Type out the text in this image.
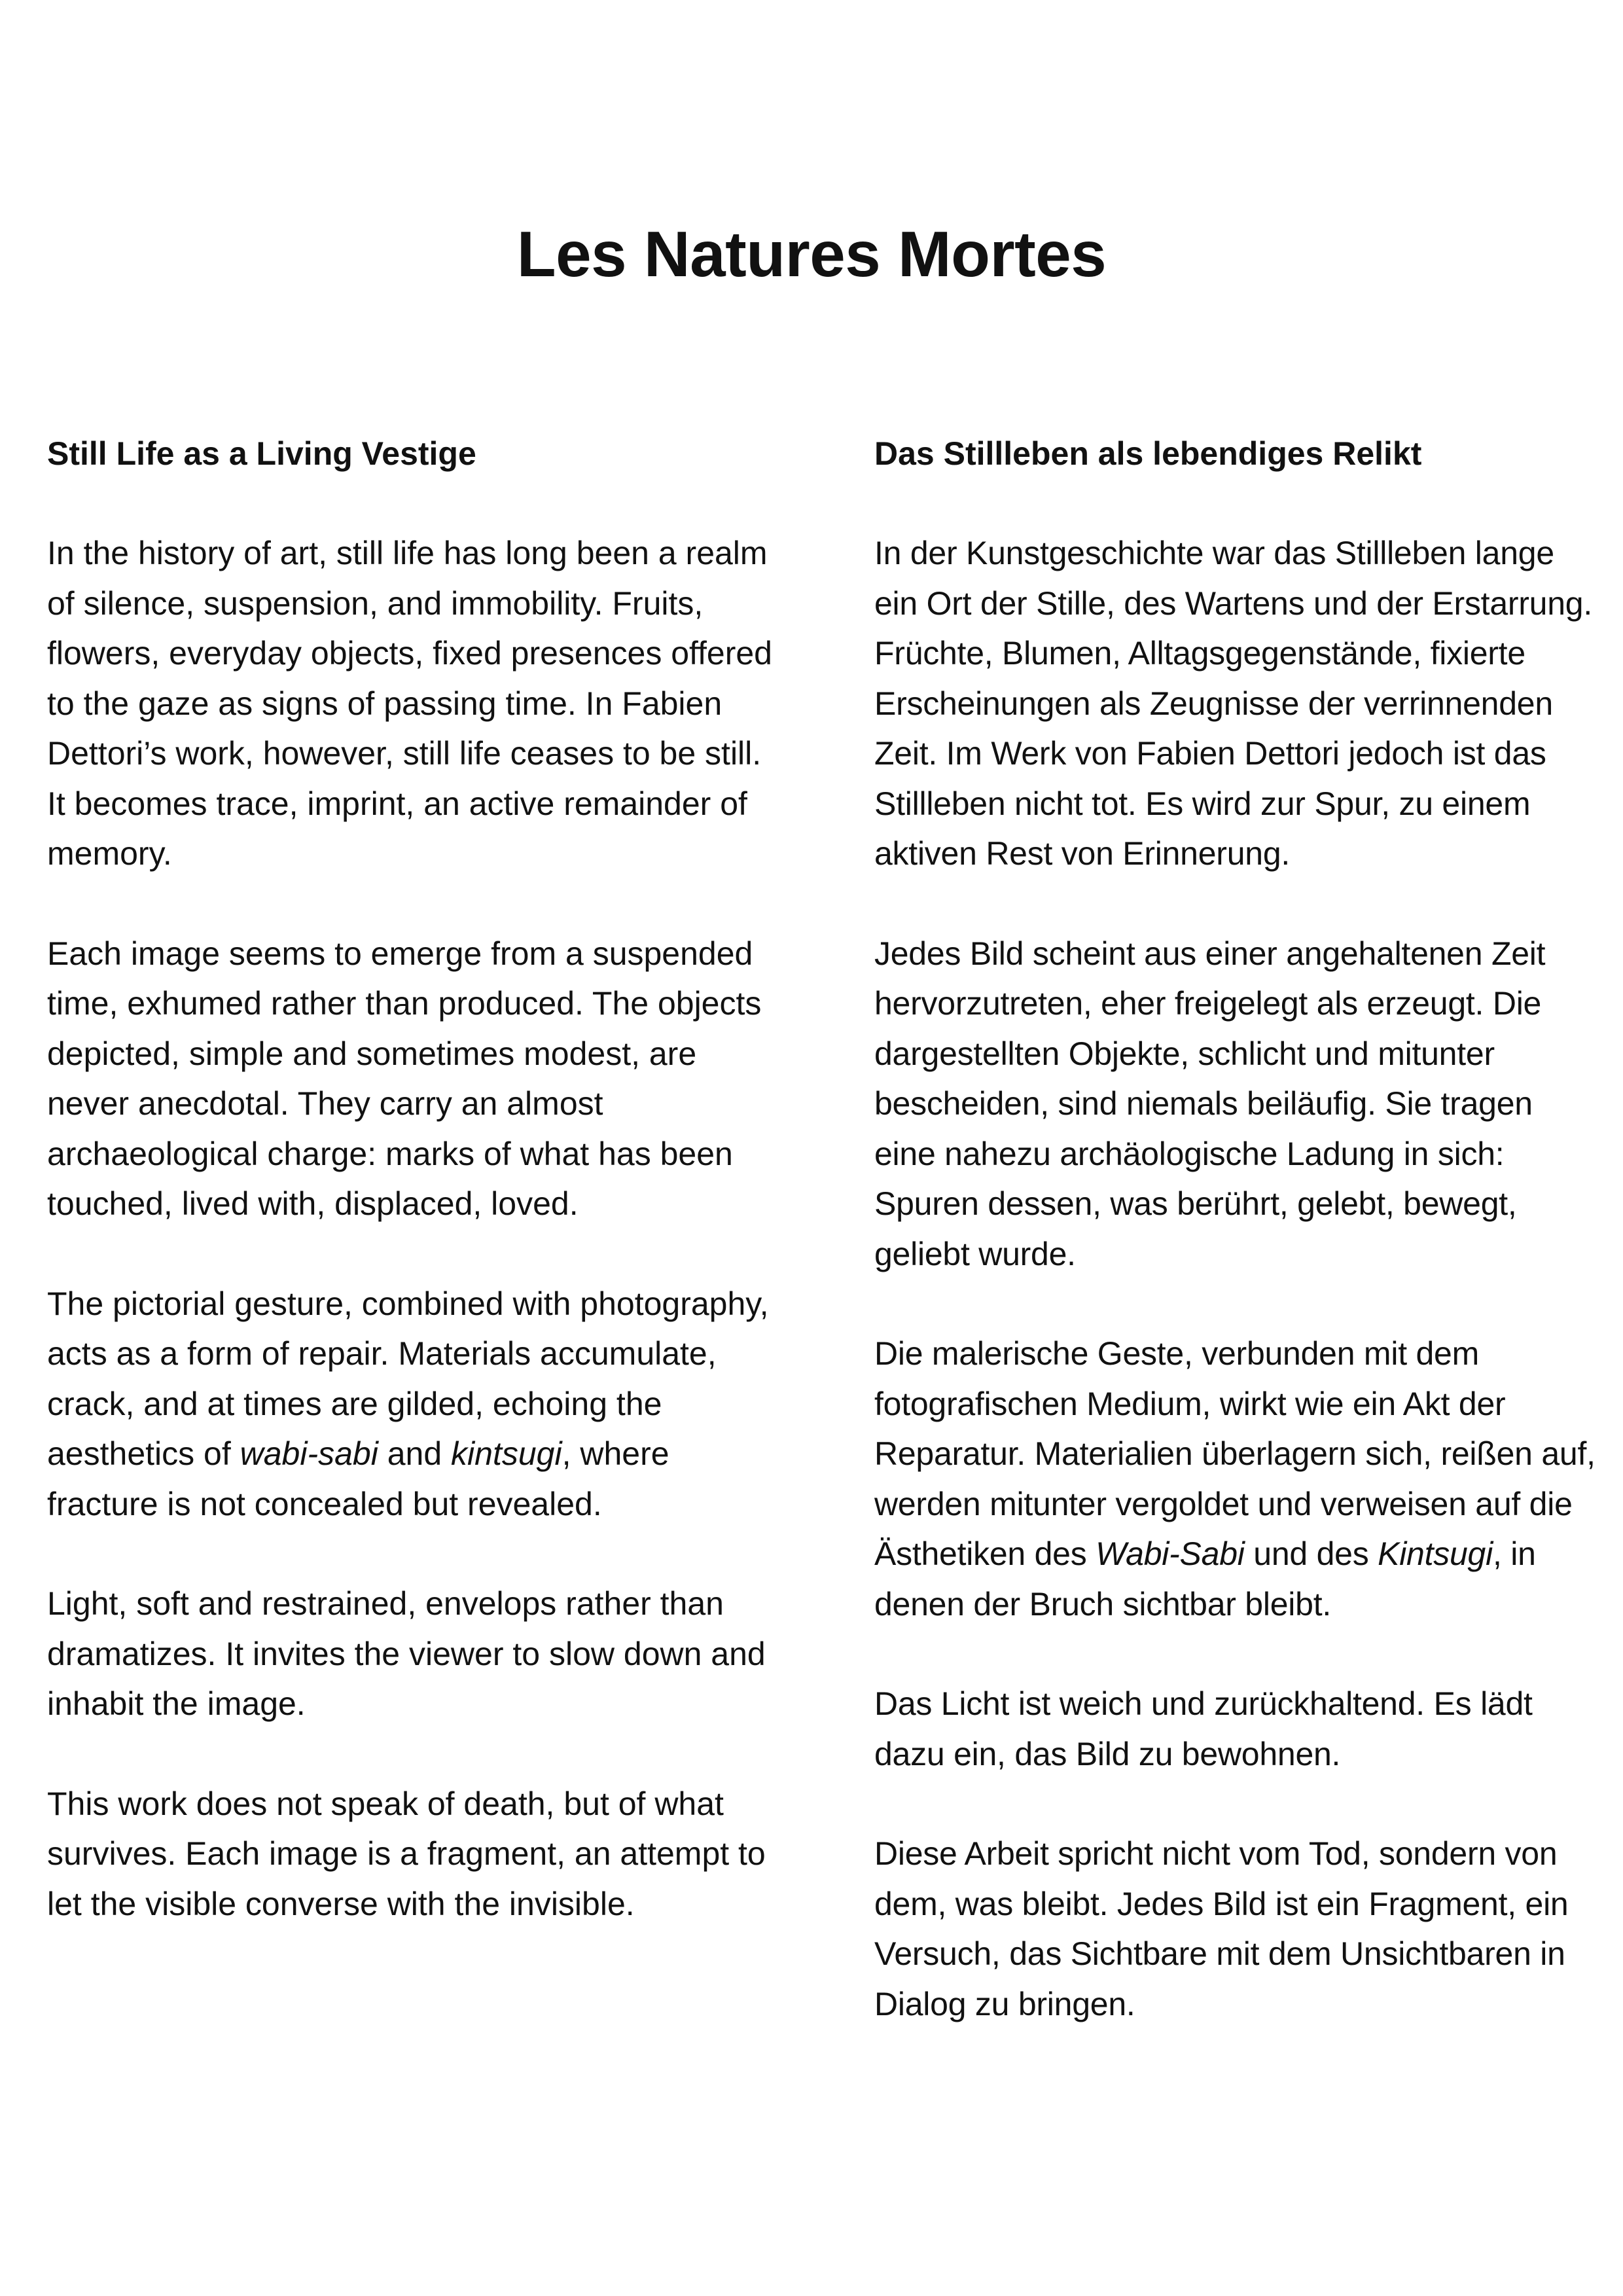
Les Natures Mortes
Still Life as a Living Vestige

In the history of art, still life has long been a realm of silence, suspension, and immobility. Fruits, flowers, everyday objects, fixed presences offered to the gaze as signs of passing time. In Fabien Dettori’s work, however, still life ceases to be still. It becomes trace, imprint, an active remainder of memory.

Each image seems to emerge from a suspended time, exhumed rather than produced. The objects depicted, simple and sometimes modest, are never anecdotal. They carry an almost archaeological charge: marks of what has been touched, lived with, displaced, loved.

The pictorial gesture, combined with photography, acts as a form of repair. Materials accumulate, crack, and at times are gilded, echoing the aesthetics of wabi-sabi and kintsugi, where fracture is not concealed but revealed.

Light, soft and restrained, envelops rather than dramatizes. It invites the viewer to slow down and inhabit the image.

This work does not speak of death, but of what survives. Each image is a fragment, an attempt to let the visible converse with the invisible.

Das Stillleben als lebendiges Relikt

In der Kunstgeschichte war das Stillleben lange ein Ort der Stille, des Wartens und der Erstarrung. Früchte, Blumen, Alltagsgegenstände, fixierte Erscheinungen als Zeugnisse der verrinnenden Zeit. Im Werk von Fabien Dettori jedoch ist das Stillleben nicht tot. Es wird zur Spur, zu einem aktiven Rest von Erinnerung.

Jedes Bild scheint aus einer angehaltenen Zeit hervorzutreten, eher freigelegt als erzeugt. Die dargestellten Objekte, schlicht und mitunter bescheiden, sind niemals beiläufig. Sie tragen eine nahezu archäologische Ladung in sich: Spuren dessen, was berührt, gelebt, bewegt, geliebt wurde.

Die malerische Geste, verbunden mit dem fotografischen Medium, wirkt wie ein Akt der Reparatur. Materialien überlagern sich, reißen auf, werden mitunter vergoldet und verweisen auf die Ästhetiken des Wabi-Sabi und des Kintsugi, in denen der Bruch sichtbar bleibt.

Das Licht ist weich und zurückhaltend. Es lädt dazu ein, das Bild zu bewohnen.

Diese Arbeit spricht nicht vom Tod, sondern von dem, was bleibt. Jedes Bild ist ein Fragment, ein Versuch, das Sichtbare mit dem Unsichtbaren in Dialog zu bringen.
